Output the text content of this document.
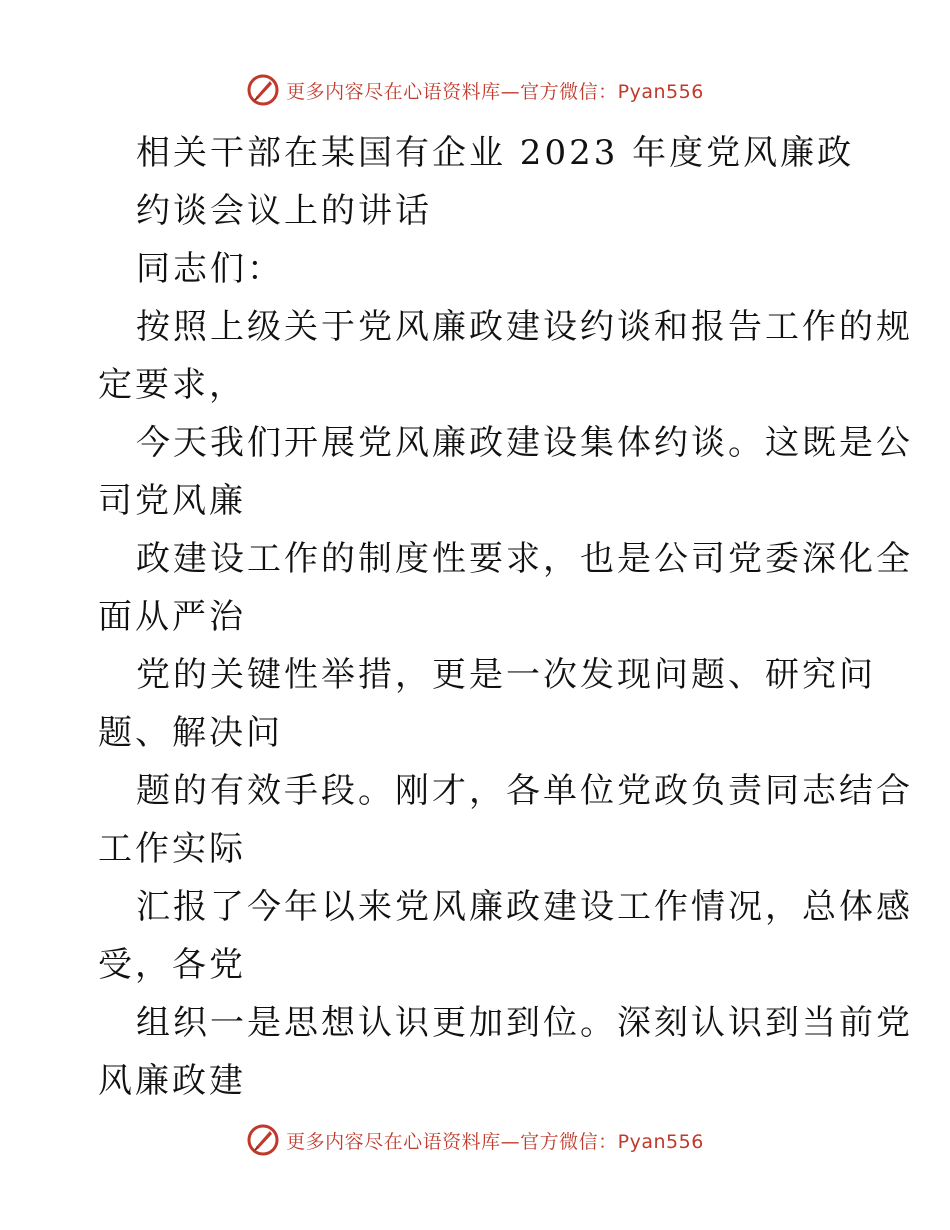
更多内容尽在心语资料库—官方微信：Pyan556
相关干部在某国有企业 2023 年度党风廉政
约谈会议上的讲话
同志们：
按照上级关于党风廉政建设约谈和报告工作的规
定要求，
今天我们开展党风廉政建设集体约谈。这既是公
司党风廉
政建设工作的制度性要求，也是公司党委深化全
面从严治
党的关键性举措，更是一次发现问题、研究问
题、解决问
题的有效手段。刚才，各单位党政负责同志结合
工作实际
汇报了今年以来党风廉政建设工作情况，总体感
受，各党
组织一是思想认识更加到位。深刻认识到当前党
风廉政建
更多内容尽在心语资料库—官方微信：Pyan556
